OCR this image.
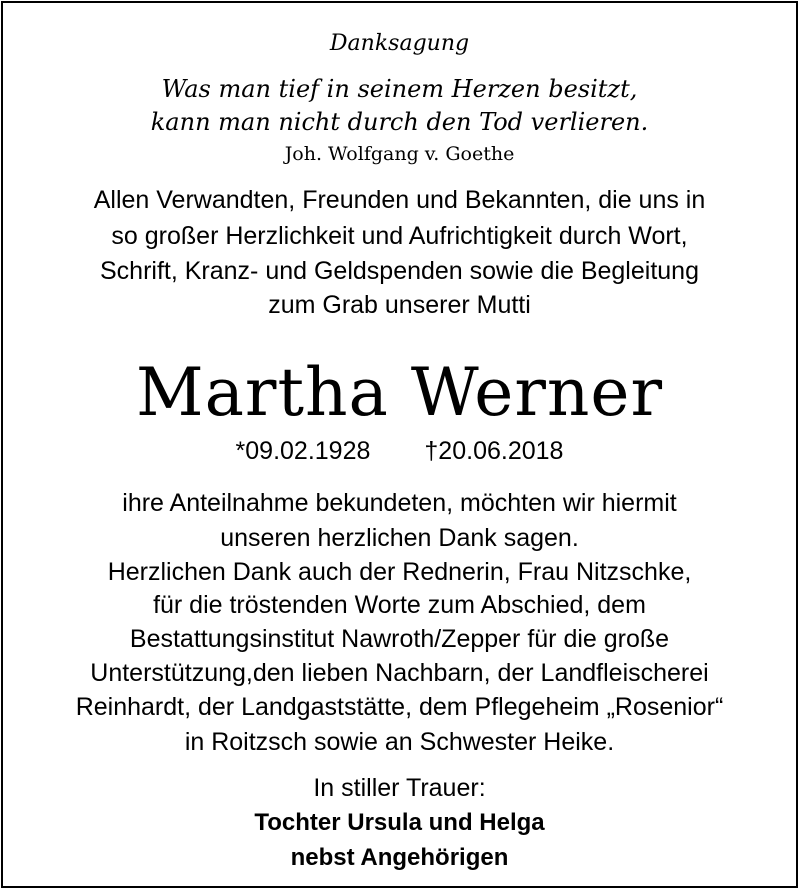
Danksagung
Was man tief in seinem Herzen besitzt,
kann man nicht durch den Tod verlieren.
Joh. Wolfgang v. Goethe
Allen Verwandten, Freunden und Bekannten, die uns in
so großer Herzlichkeit und Aufrichtigkeit durch Wort,
Schrift, Kranz- und Geldspenden sowie die Begleitung
zum Grab unserer Mutti
Martha Werner
*09.02.1928 †20.06.2018
ihre Anteilnahme bekundeten, möchten wir hiermit
unseren herzlichen Dank sagen.
Herzlichen Dank auch der Rednerin, Frau Nitzschke,
für die tröstenden Worte zum Abschied, dem
Bestattungsinstitut Nawroth/Zepper für die große
Unterstützung,den lieben Nachbarn, der Landfleischerei
Reinhardt, der Landgaststätte, dem Pflegeheim „Rosenior“
in Roitzsch sowie an Schwester Heike.
In stiller Trauer:
Tochter Ursula und Helga
nebst Angehörigen
